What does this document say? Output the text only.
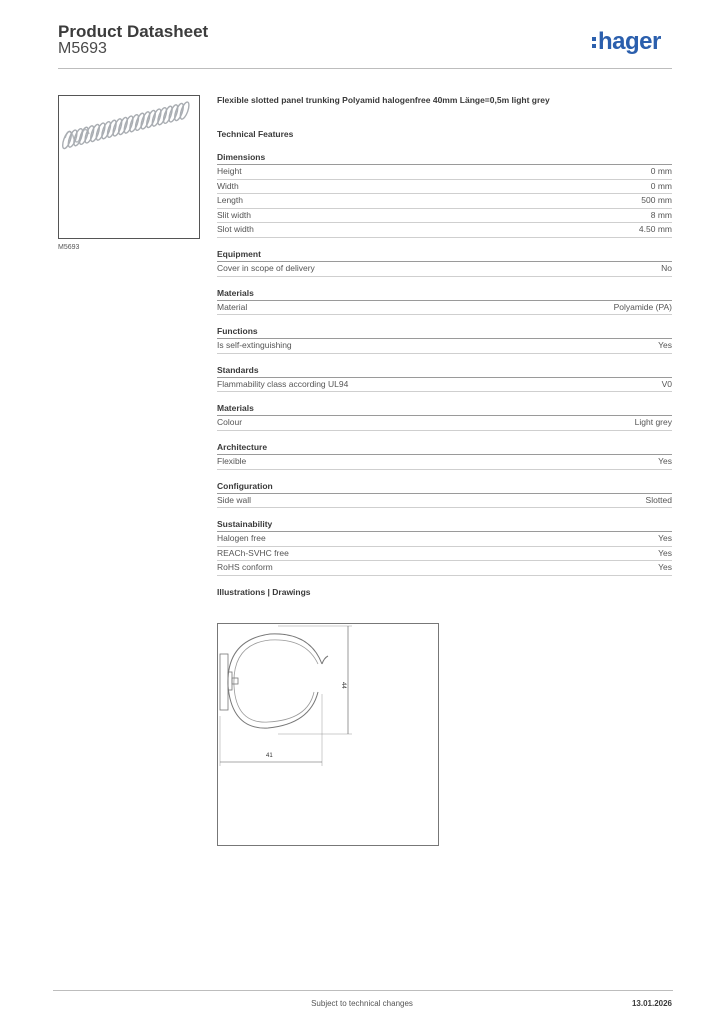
Product Datasheet
M5693	hager
M5693
Flexible slotted panel trunking Polyamid halogenfree 40mm Länge=0,5m light grey
Technical Features
Dimensions
Height	0 mm
Width	0 mm
Length	500 mm
Slit width	8 mm
Slot width	4.50 mm
Equipment
Cover in scope of delivery	No
Materials
Material	Polyamide (PA)
Functions
Is self-extinguishing	Yes
Standards
Flammability class according UL94	V0
Materials
Colour	Light grey
Architecture
Flexible	Yes
Configuration
Side wall	Slotted
Sustainability
Halogen free	Yes
REACh-SVHC free	Yes
RoHS conform	Yes
Illustrations | Drawings
44
41
Subject to technical changes	13.01.2026
